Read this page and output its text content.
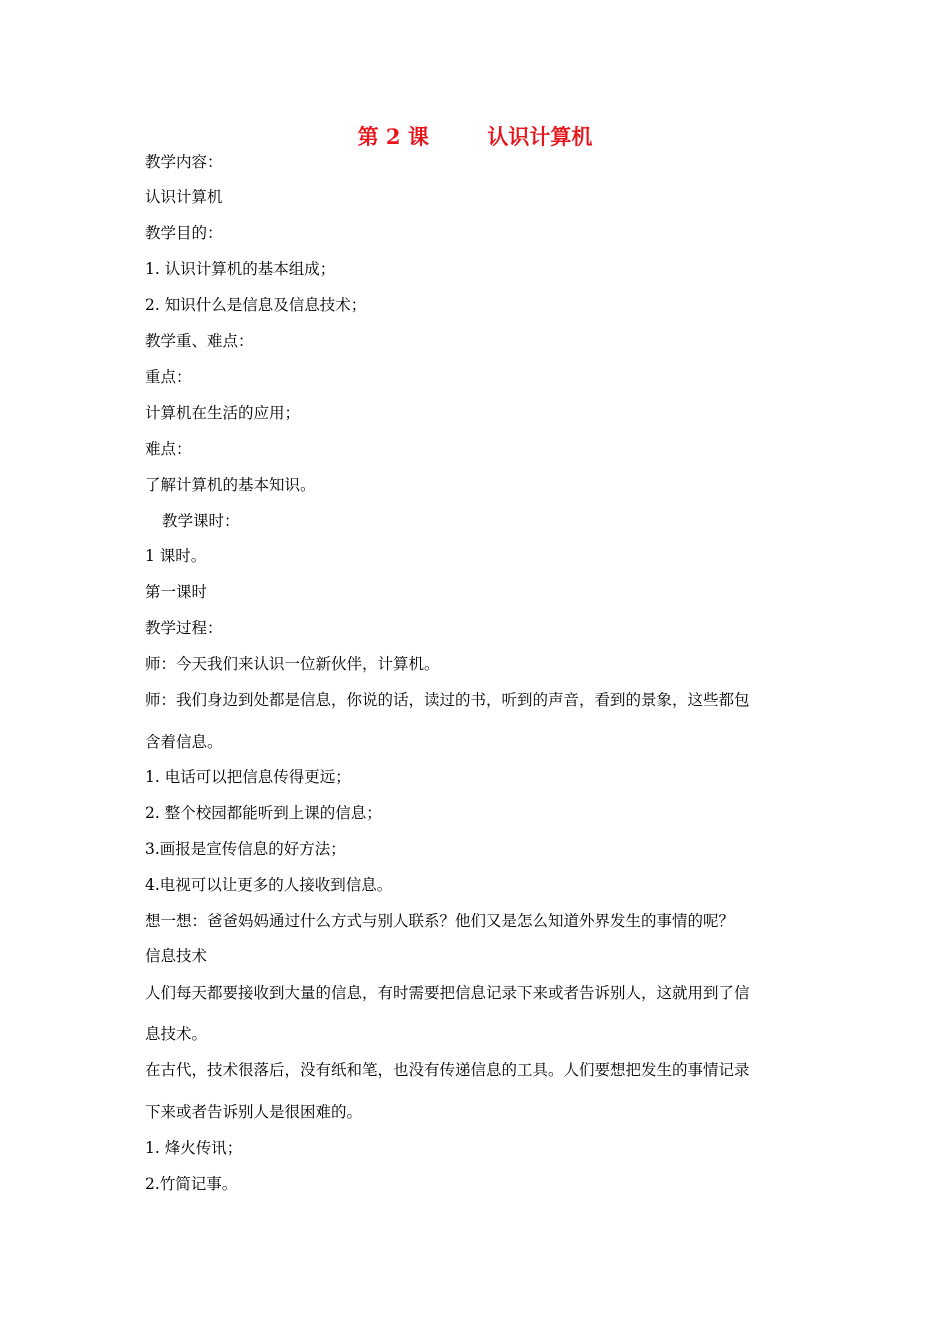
第 2 课        认识计算机
教学内容：
认识计算机
教学目的：
1. 认识计算机的基本组成；
2. 知识什么是信息及信息技术；
教学重、难点：
重点：
计算机在生活的应用；
难点：
了解计算机的基本知识。
教学课时：
1 课时。
第一课时
教学过程：
师：今天我们来认识一位新伙伴，计算机。
师：我们身边到处都是信息，你说的话，读过的书，听到的声音，看到的景象，这些都包
含着信息。
1. 电话可以把信息传得更远；
2. 整个校园都能听到上课的信息；
3.画报是宣传信息的好方法；
4.电视可以让更多的人接收到信息。
想一想：爸爸妈妈通过什么方式与别人联系？他们又是怎么知道外界发生的事情的呢？
信息技术
人们每天都要接收到大量的信息，有时需要把信息记录下来或者告诉别人，这就用到了信
息技术。
在古代，技术很落后，没有纸和笔，也没有传递信息的工具。人们要想把发生的事情记录
下来或者告诉别人是很困难的。
1. 烽火传讯；
2.竹简记事。
